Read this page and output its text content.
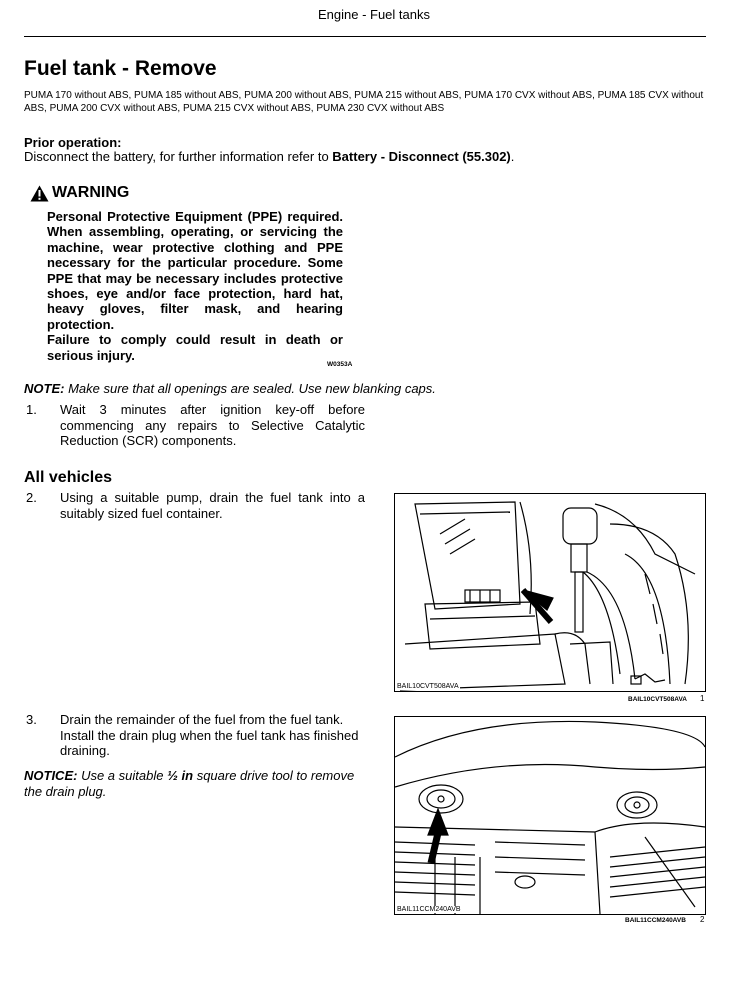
Engine - Fuel tanks
Fuel tank - Remove
PUMA 170 without ABS, PUMA 185 without ABS, PUMA 200 without ABS, PUMA 215 without ABS, PUMA 170 CVX without ABS, PUMA 185 CVX without ABS, PUMA 200 CVX without ABS, PUMA 215 CVX without ABS, PUMA 230 CVX without ABS
Prior operation:
Disconnect the battery, for further information refer to Battery - Disconnect (55.302).
WARNING

Personal Protective Equipment (PPE) required. When assembling, operating, or servicing the machine, wear protective clothing and PPE necessary for the particular procedure. Some PPE that may be necessary includes protective shoes, eye and/or face protection, hard hat, heavy gloves, filter mask, and hearing protection.

Failure to comply could result in death or serious injury.

W0353A
NOTE: Make sure that all openings are sealed. Use new blanking caps.
1. Wait 3 minutes after ignition key-off before commencing any repairs to Selective Catalytic Reduction (SCR) components.
All vehicles
2. Using a suitable pump, drain the fuel tank into a suitably sized fuel container.
3. Drain the remainder of the fuel from the fuel tank. Install the drain plug when the fuel tank has finished draining.
NOTICE: Use a suitable ½ in square drive tool to remove the drain plug.
BAIL10CVT508AVA
BAIL10CVT508AVA 1
BAIL11CCM240AVB
BAIL11CCM240AVB 2
